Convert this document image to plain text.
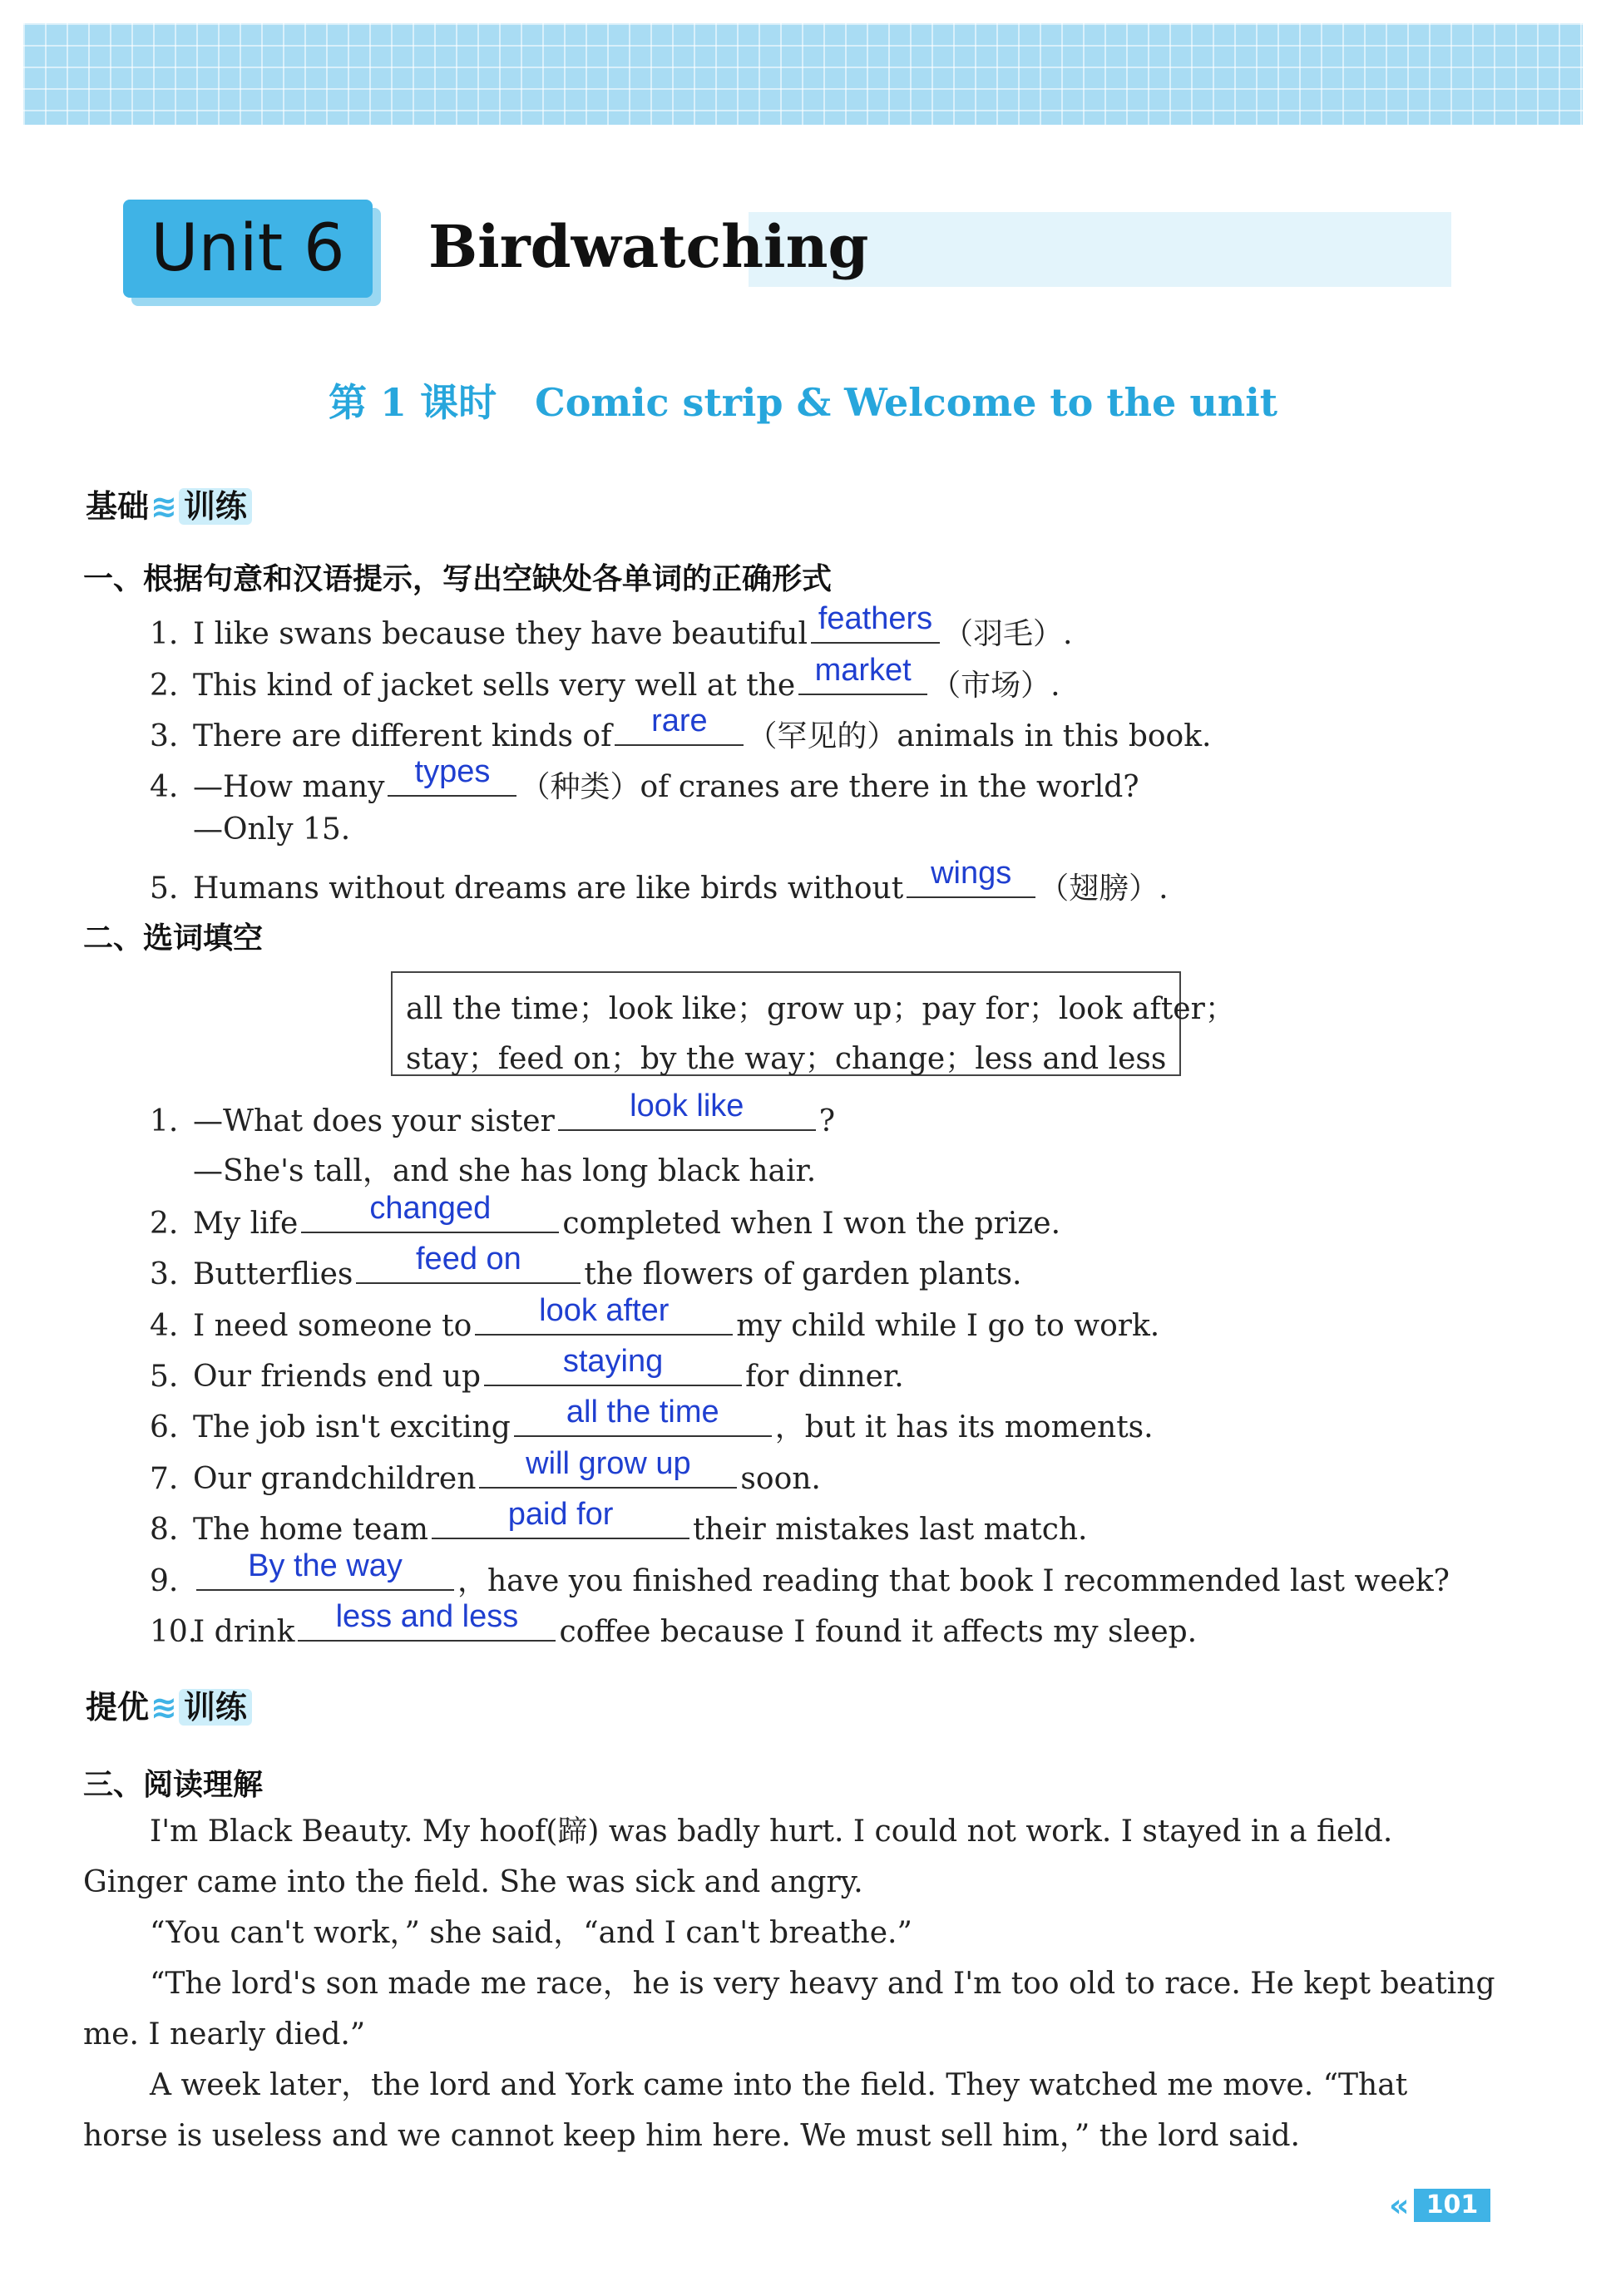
Unit 6	Birdwatching
第 1 课时　Comic strip & Welcome to the unit
基础≋ 训练
一、根据句意和汉语提示，写出空缺处各单词的正确形式
1. I like swans because they have beautiful feathers （羽毛）.
2. This kind of jacket sells very well at the market （市场）.
3. There are different kinds of	rare	（罕见的）animals in this book.
4. —How many types	（种类）of cranes are there in the world?
—Only 15.
5. Humans without dreams are like birds without wings （翅膀）.
二、选词填空
all the time；look like；grow up；pay for；look after；
stay；feed on；by the way；change；less and less
1. —What does your sister	look like	?
—She's tall，and she has long black hair.
2. My life	changed	completed when I won the prize.
3. Butterflies	feed on	the flowers of garden plants.
4. I need someone to	look after	my child while I go to work.
5. Our friends end up	staying	for dinner.
6. The job isn't exciting	all the time	，but it has its moments.
7. Our grandchildren	will grow up	soon.
8. The home team	paid for	their mistakes last match.
9.	By the way	，have you finished reading that book I recommended last week?
10.I drink	less and less	coffee because I found it affects my sleep.
提优≋ 训练
三、阅读理解
I'm Black Beauty. My hoof(蹄) was badly hurt. I could not work. I stayed in a field. Ginger came into the field. She was sick and angry.
“You can't work，” she said，“and I can't breathe.”
“The lord's son made me race，he is very heavy and I'm too old to race. He kept beating me. I nearly died.”
A week later，the lord and York came into the field. They watched me move. “That horse is useless and we cannot keep him here. We must sell him，” the lord said.
« 101
